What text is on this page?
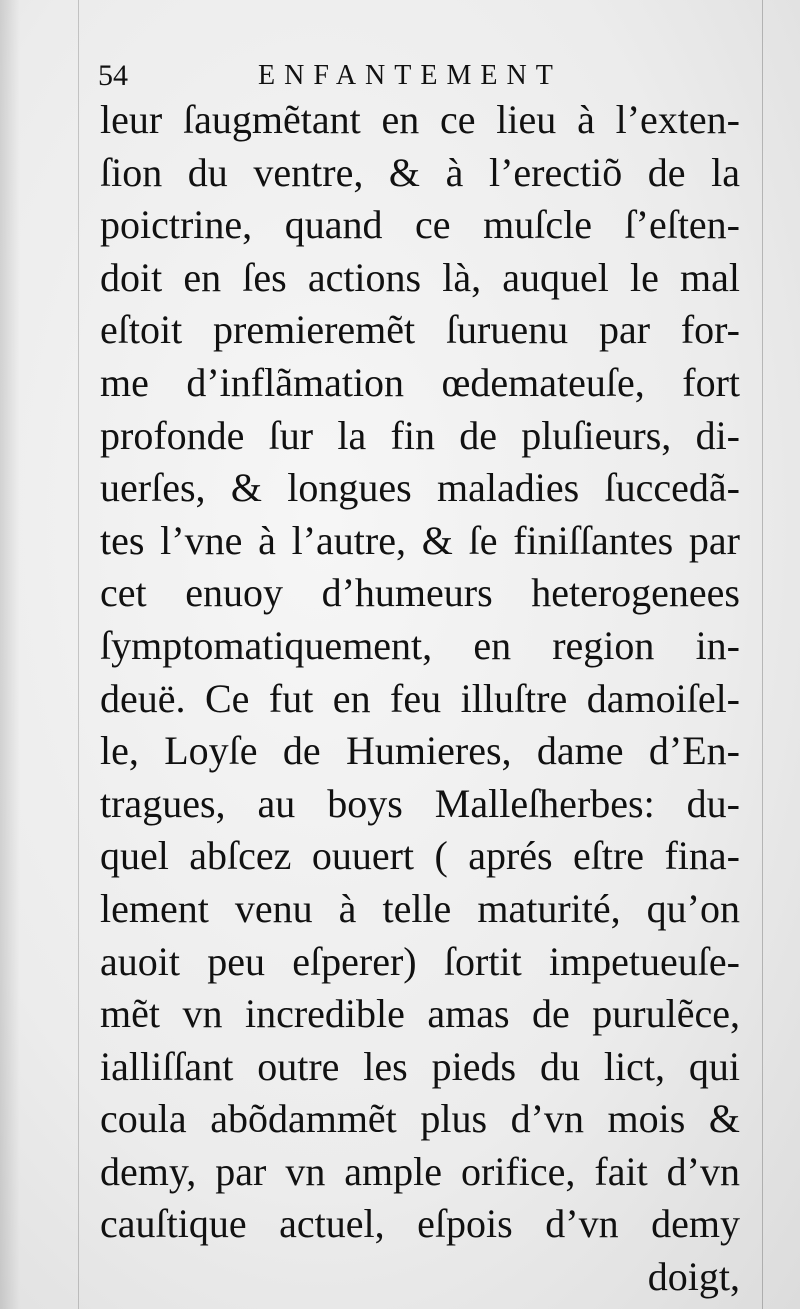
54	ENFANTEMENT
leur ſaugmẽtant en ce lieu à l’exten-
ſion du ventre, & à l’erectiõ de la
poictrine, quand ce muſcle ſ’eſten-
doit en ſes actions là, auquel le mal
eſtoit premieremẽt ſuruenu par for-
me d’inflãmation œdemateuſe, fort
profonde ſur la fin de pluſieurs, di-
uerſes, & longues maladies ſuccedã-
tes l’vne à l’autre, & ſe finiſſantes par
cet enuoy d’humeurs heterogenees
ſymptomatiquement, en region in-
deuë. Ce fut en feu illuſtre damoiſel-
le, Loyſe de Humieres, dame d’En-
tragues, au boys Malleſherbes: du-
quel abſcez ouuert ( aprés eſtre fina-
lement venu à telle maturité, qu’on
auoit peu eſperer) ſortit impetueuſe-
mẽt vn incredible amas de purulẽce,
ialliſſant outre les pieds du lict, qui
coula abõdammẽt plus d’vn mois &
demy, par vn ample orifice, fait d’vn
cauſtique actuel, eſpois d’vn demy
doigt,
